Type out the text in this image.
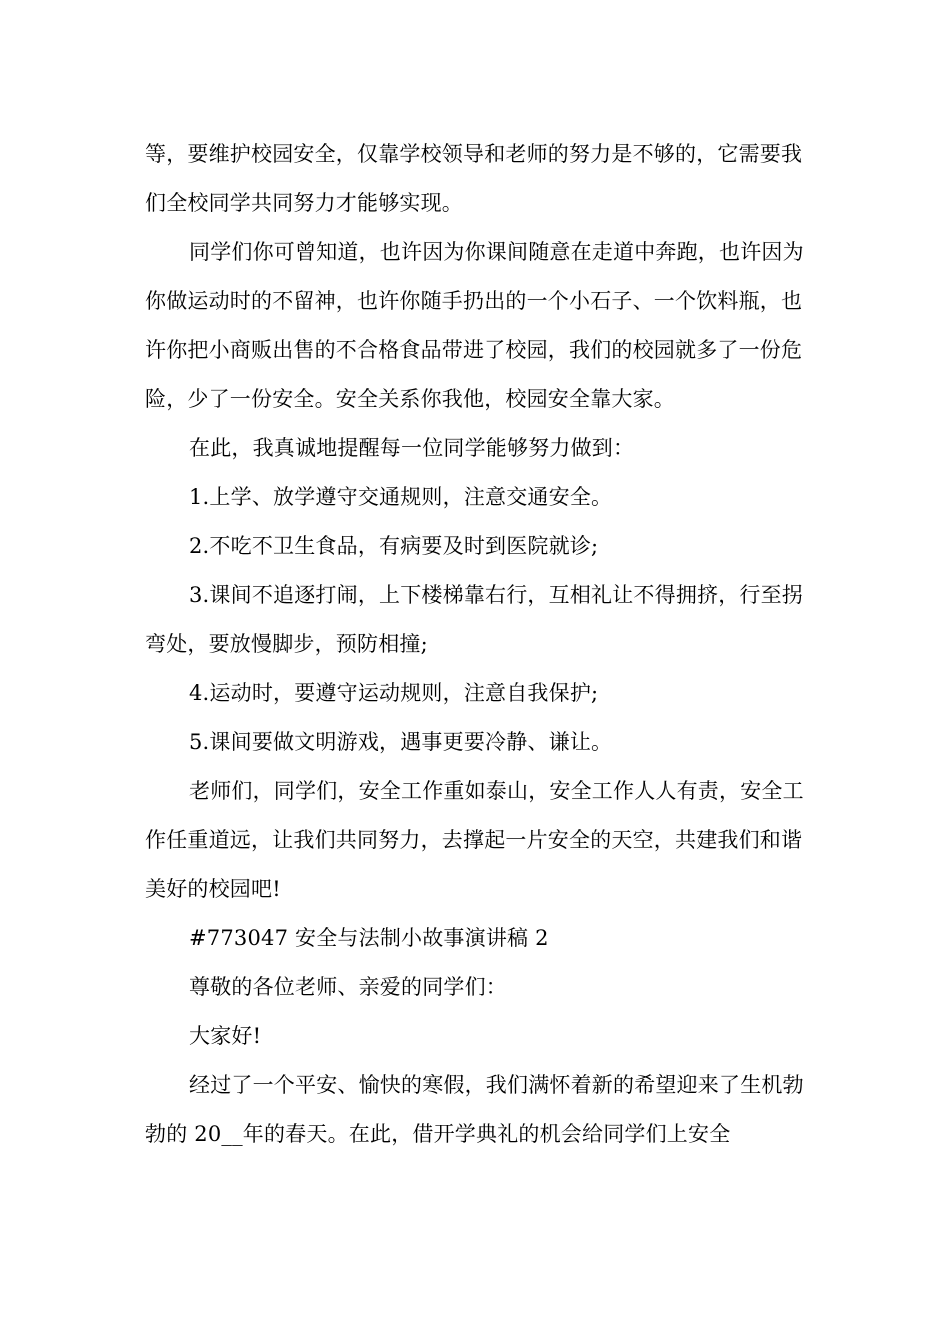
等，要维护校园安全，仅靠学校领导和老师的努力是不够的，它需要我们全校同学共同努力才能够实现。

同学们你可曾知道，也许因为你课间随意在走道中奔跑，也许因为你做运动时的不留神，也许你随手扔出的一个小石子、一个饮料瓶，也许你把小商贩出售的不合格食品带进了校园，我们的校园就多了一份危险，少了一份安全。安全关系你我他，校园安全靠大家。

在此，我真诚地提醒每一位同学能够努力做到：

1.上学、放学遵守交通规则，注意交通安全。

2.不吃不卫生食品，有病要及时到医院就诊;

3.课间不追逐打闹，上下楼梯靠右行，互相礼让不得拥挤，行至拐弯处，要放慢脚步，预防相撞;

4.运动时，要遵守运动规则，注意自我保护;

5.课间要做文明游戏，遇事更要冷静、谦让。

老师们，同学们，安全工作重如泰山，安全工作人人有责，安全工作任重道远，让我们共同努力，去撑起一片安全的天空，共建我们和谐美好的校园吧!

#773047 安全与法制小故事演讲稿 2

尊敬的各位老师、亲爱的同学们：

大家好!

经过了一个平安、愉快的寒假，我们满怀着新的希望迎来了生机勃勃的 20__年的春天。在此，借开学典礼的机会给同学们上安全
